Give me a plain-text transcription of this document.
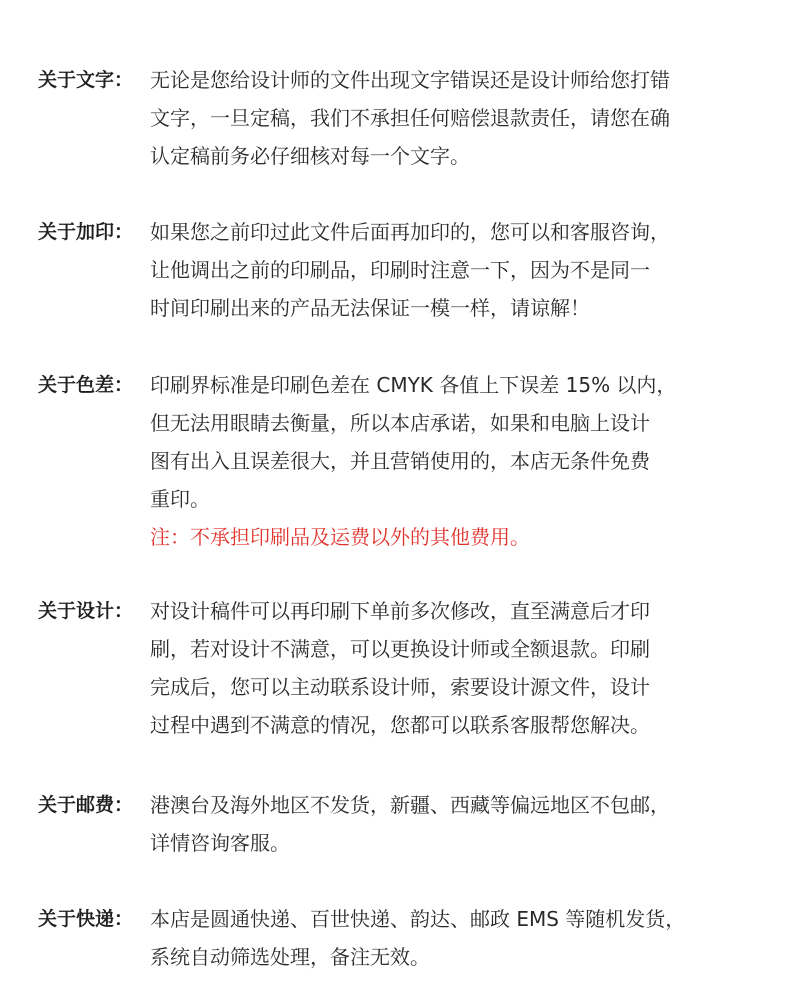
关于文字： 无论是您给设计师的文件出现文字错误还是设计师给您打错
文字，一旦定稿，我们不承担任何赔偿退款责任，请您在确
认定稿前务必仔细核对每一个文字。
关于加印： 如果您之前印过此文件后面再加印的，您可以和客服咨询，
让他调出之前的印刷品，印刷时注意一下，因为不是同一
时间印刷出来的产品无法保证一模一样，请谅解！
关于色差： 印刷界标准是印刷色差在 CMYK 各值上下误差 15% 以内，
但无法用眼睛去衡量，所以本店承诺，如果和电脑上设计
图有出入且误差很大，并且营销使用的，本店无条件免费
重印。
注：不承担印刷品及运费以外的其他费用。
关于设计： 对设计稿件可以再印刷下单前多次修改，直至满意后才印
刷，若对设计不满意，可以更换设计师或全额退款。印刷
完成后，您可以主动联系设计师，索要设计源文件，设计
过程中遇到不满意的情况，您都可以联系客服帮您解决。
关于邮费： 港澳台及海外地区不发货，新疆、西藏等偏远地区不包邮，
详情咨询客服。
关于快递： 本店是圆通快递、百世快递、韵达、邮政 EMS 等随机发货，
系统自动筛选处理，备注无效。
